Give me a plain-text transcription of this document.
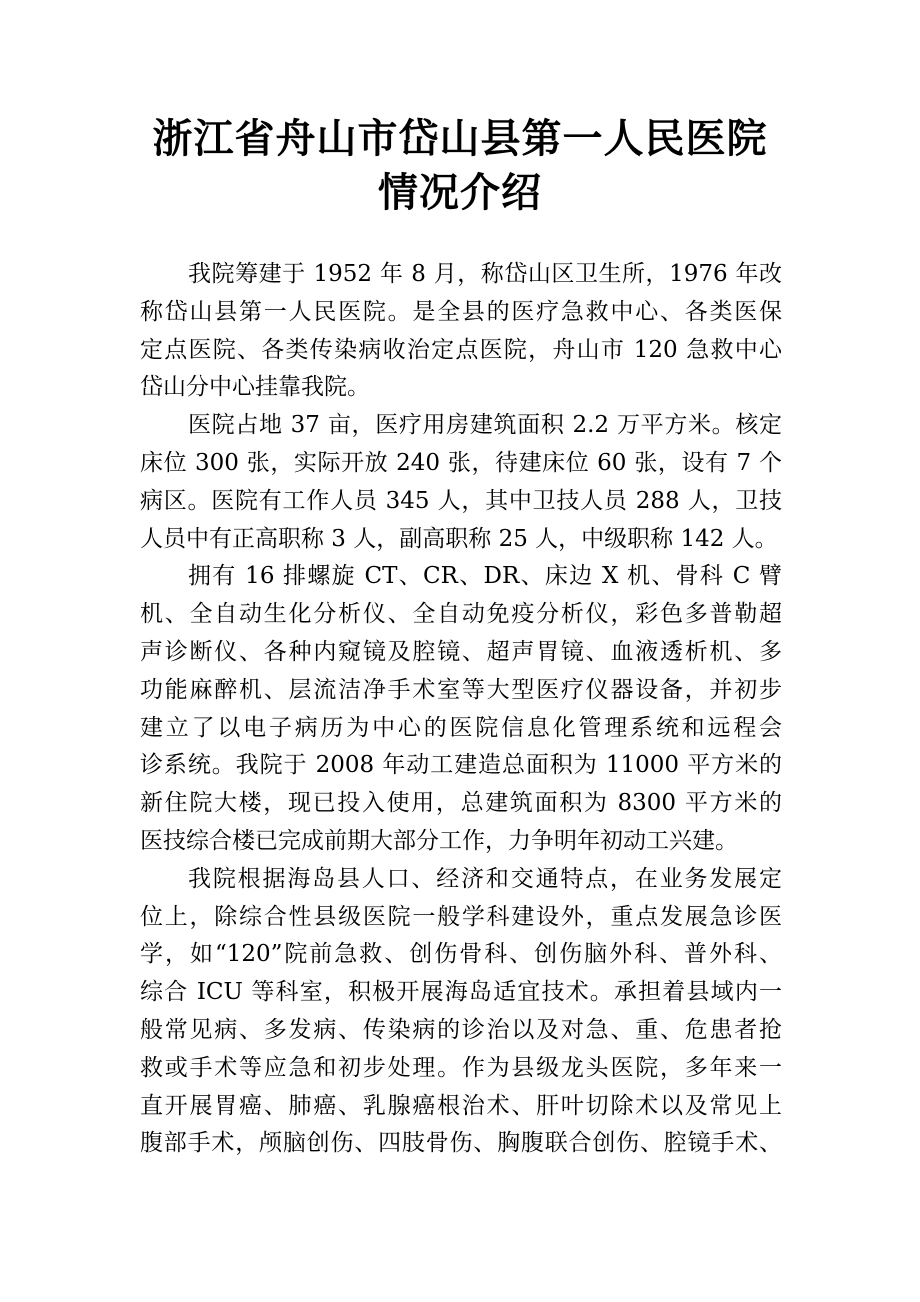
浙江省舟山市岱山县第一人民医院
情况介绍
我院筹建于 1952 年 8 月，称岱山区卫生所，1976 年改
称岱山县第一人民医院。是全县的医疗急救中心、各类医保
定点医院、各类传染病收治定点医院，舟山市 120 急救中心
岱山分中心挂靠我院。
医院占地 37 亩，医疗用房建筑面积 2.2 万平方米。核定
床位 300 张，实际开放 240 张，待建床位 60 张，设有 7 个
病区。医院有工作人员 345 人，其中卫技人员 288 人，卫技
人员中有正高职称 3 人，副高职称 25 人，中级职称 142 人。
拥有 16 排螺旋 CT、CR、DR、床边 X 机、骨科 C 臂
机、全自动生化分析仪、全自动免疫分析仪，彩色多普勒超
声诊断仪、各种内窥镜及腔镜、超声胃镜、血液透析机、多
功能麻醉机、层流洁净手术室等大型医疗仪器设备，并初步
建立了以电子病历为中心的医院信息化管理系统和远程会
诊系统。我院于 2008 年动工建造总面积为 11000 平方米的
新住院大楼，现已投入使用，总建筑面积为 8300 平方米的
医技综合楼已完成前期大部分工作，力争明年初动工兴建。
我院根据海岛县人口、经济和交通特点，在业务发展定
位上，除综合性县级医院一般学科建设外，重点发展急诊医
学，如“120”院前急救、创伤骨科、创伤脑外科、普外科、
综合 ICU 等科室，积极开展海岛适宜技术。承担着县域内一
般常见病、多发病、传染病的诊治以及对急、重、危患者抢
救或手术等应急和初步处理。作为县级龙头医院，多年来一
直开展胃癌、肺癌、乳腺癌根治术、肝叶切除术以及常见上
腹部手术，颅脑创伤、四肢骨伤、胸腹联合创伤、腔镜手术、
